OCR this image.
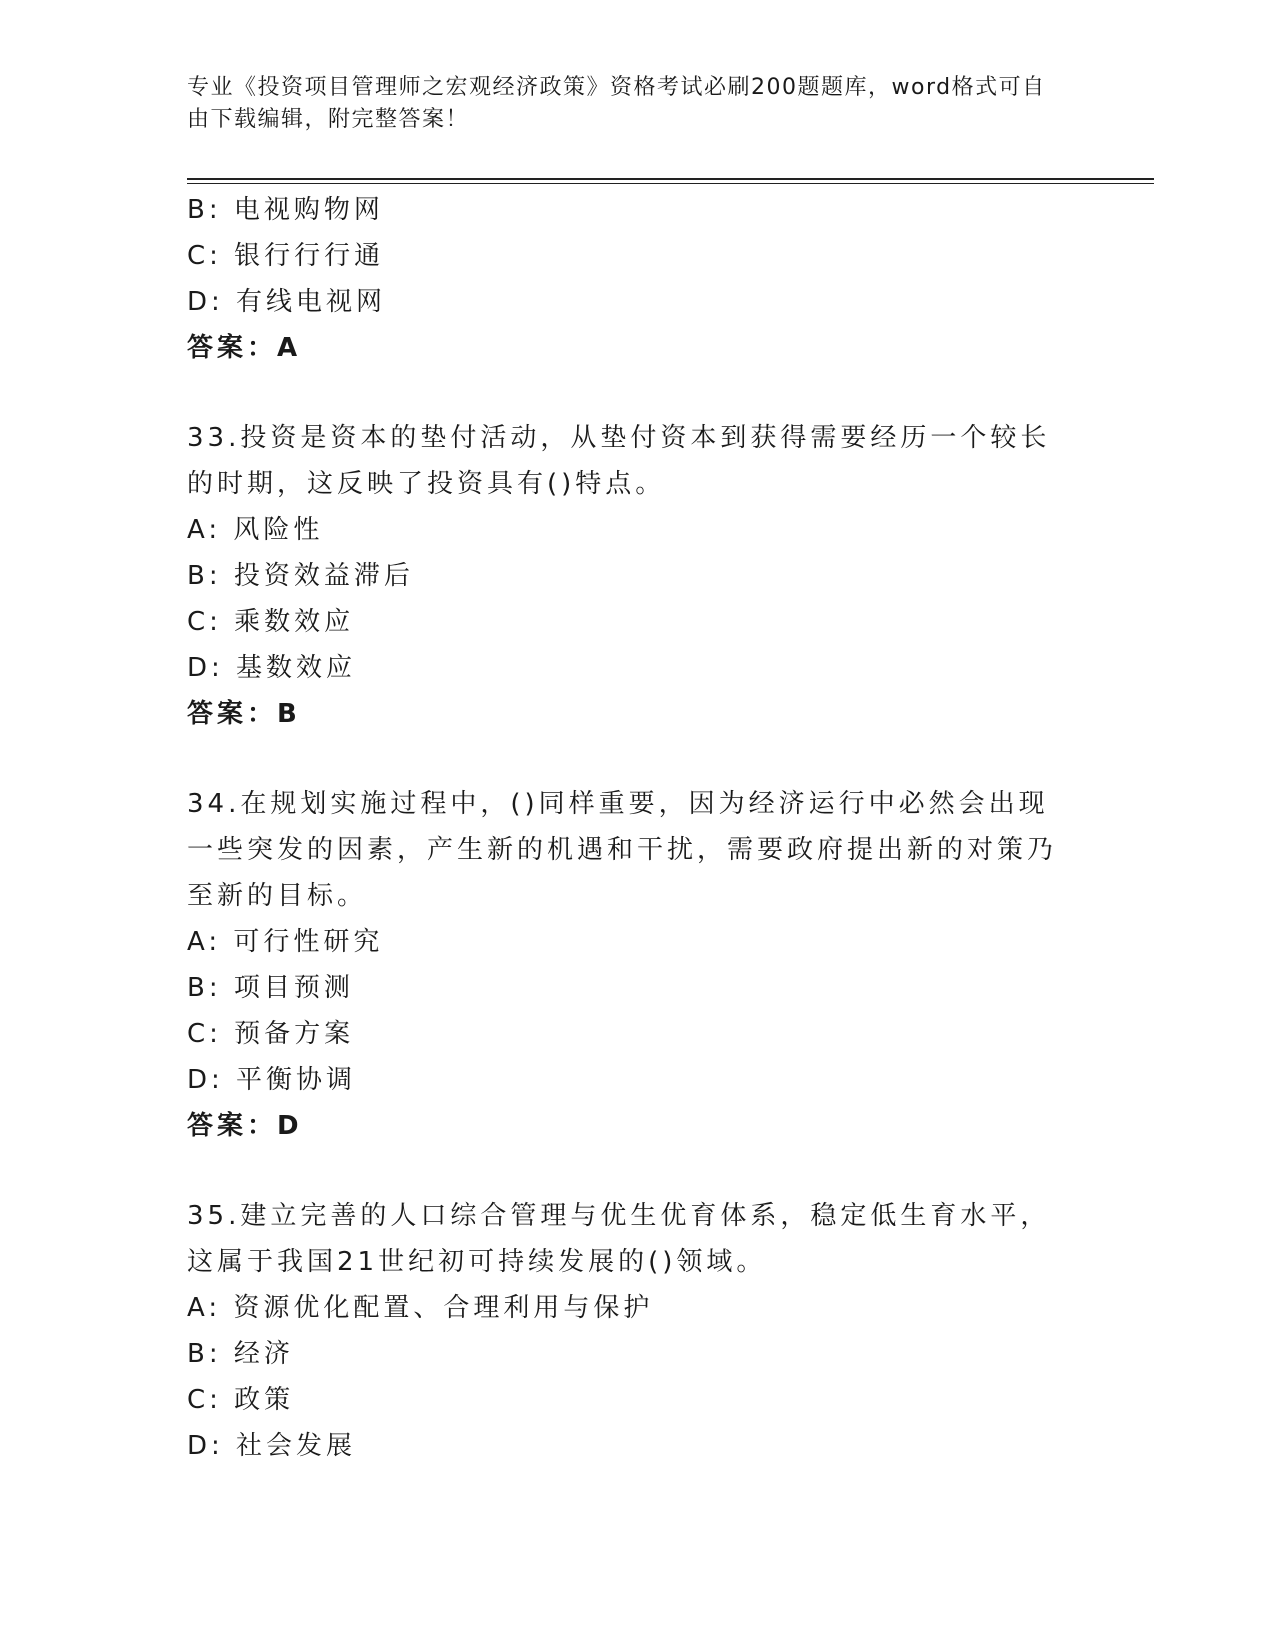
专业《投资项目管理师之宏观经济政策》资格考试必刷200题题库，word格式可自由下载编辑，附完整答案！
B: 电视购物网
C: 银行行行通
D: 有线电视网
答案：A
33.投资是资本的垫付活动，从垫付资本到获得需要经历一个较长的时期，这反映了投资具有()特点。
A: 风险性
B: 投资效益滞后
C: 乘数效应
D: 基数效应
答案：B
34.在规划实施过程中，()同样重要，因为经济运行中必然会出现一些突发的因素，产生新的机遇和干扰，需要政府提出新的对策乃至新的目标。
A: 可行性研究
B: 项目预测
C: 预备方案
D: 平衡协调
答案：D
35.建立完善的人口综合管理与优生优育体系，稳定低生育水平，这属于我国21世纪初可持续发展的()领域。
A: 资源优化配置、合理利用与保护
B: 经济
C: 政策
D: 社会发展
